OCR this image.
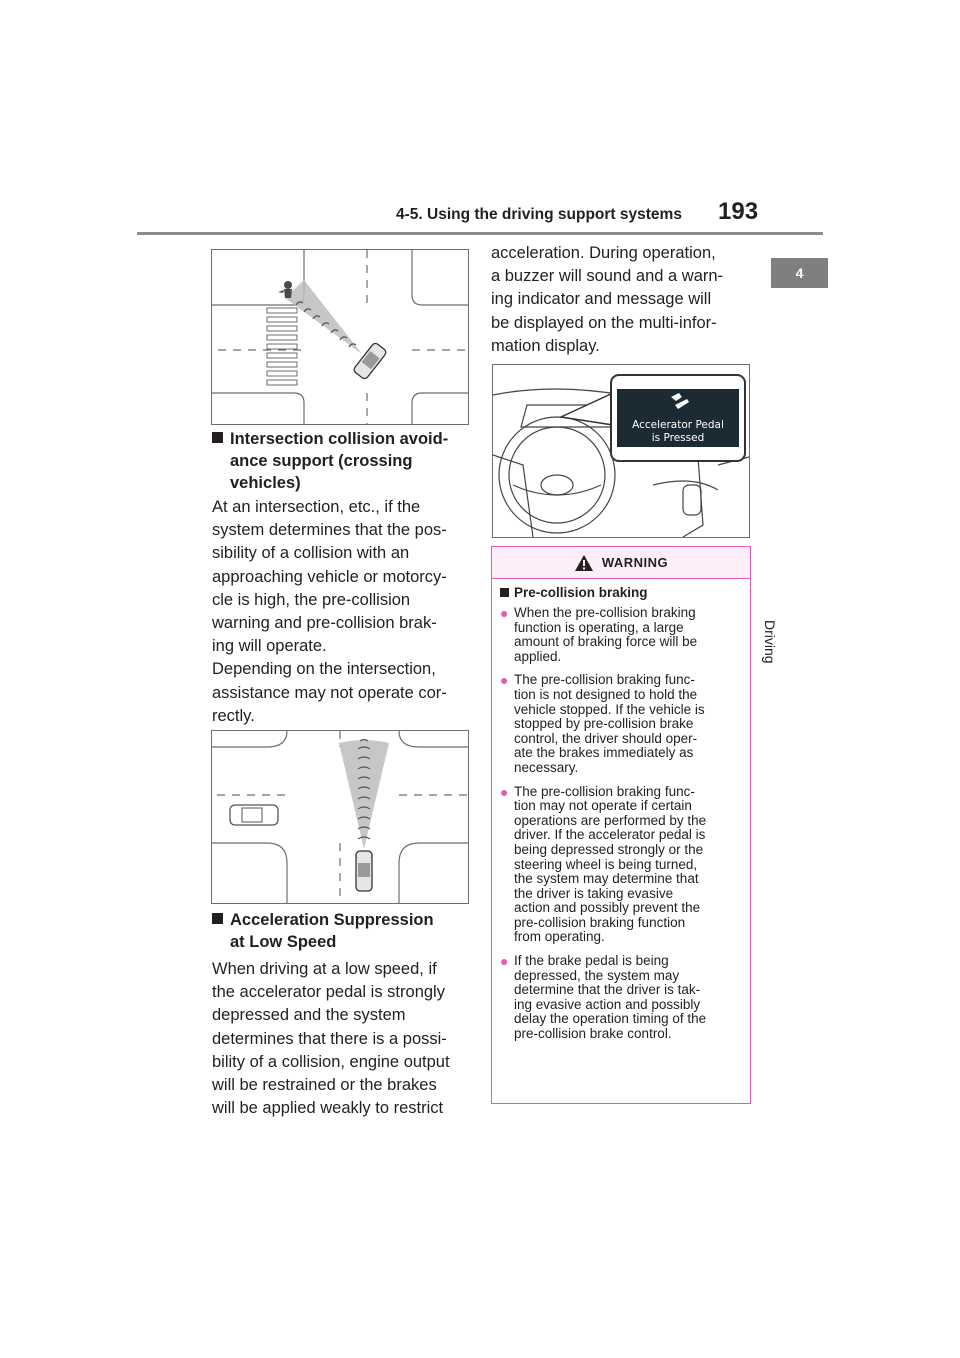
4-5. Using the driving support systems 193
4
Driving
Intersection collision avoid-
ance support (crossing
vehicles)

At an intersection, etc., if the

system determines that the pos-

sibility of a collision with an

approaching vehicle or motorcy-

cle is high, the pre-collision

warning and pre-collision brak-

ing will operate.

Depending on the intersection,

assistance may not operate cor-

rectly.

Acceleration Suppression
at Low Speed

When driving at a low speed, if

the accelerator pedal is strongly

depressed and the system

determines that there is a possi-

bility of a collision, engine output

will be restrained or the brakes

will be applied weakly to restrict

acceleration. During operation,

a buzzer will sound and a warn-

ing indicator and message will

be displayed on the multi-infor-

mation display.

Accelerator Pedal
is Pressed
WARNING
Pre-collision braking
● When the pre-collision braking
function is operating, a large
amount of braking force will be
applied.
● The pre-collision braking func-
tion is not designed to hold the
vehicle stopped. If the vehicle is
stopped by pre-collision brake
control, the driver should oper-
ate the brakes immediately as
necessary.
● The pre-collision braking func-
tion may not operate if certain
operations are performed by the
driver. If the accelerator pedal is
being depressed strongly or the
steering wheel is being turned,
the system may determine that
the driver is taking evasive
action and possibly prevent the
pre-collision braking function
from operating.
● If the brake pedal is being
depressed, the system may
determine that the driver is tak-
ing evasive action and possibly
delay the operation timing of the
pre-collision brake control.
